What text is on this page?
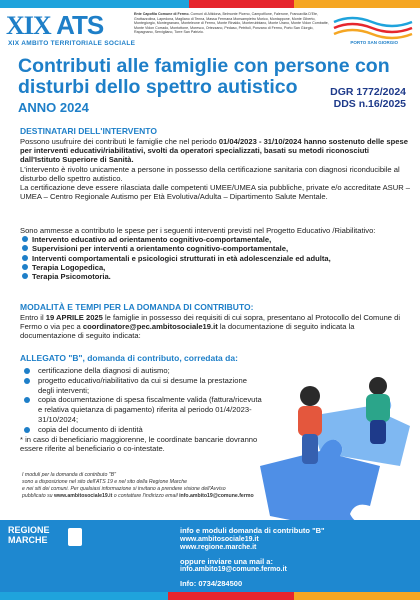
XIX ATS
XIX AMBITO TERRITORIALE SOCIALE
Ente Capofila Comune di Fermo. Comuni di Altidona, Belmonte Piceno, Campofilone, Falerone, Francavilla D'Ete, Grottazzolina, Lapedona, Magliano di Tenna, Massa Fermana Monsampietro Morico, Montappone, Monte Giberto, Montegiorgio, Montegranaro, Monteleone di Fermo, Monte Rinaldo, Monterubbiano, Monte Urano, Monte Vidon Combatte, Monte Vidon Corrado, Montottone, Moresco, Ortezzano, Pedaso, Petritoli, Ponzano di Fermo, Porto San Giorgio, Rapagnano, Servigliano, Torre San Patrizio.
PORTO SAN GIORGIO
Contributi alle famiglie con persone con
disturbi dello spettro autistico
ANNO 2024
DGR 1772/2024
DDS n.16/2025
DESTINATARI DELL'INTERVENTO

Possono usufruire dei contributi le famiglie che nel periodo 01/04/2023 - 31/10/2024 hanno sostenuto delle spese per interventi educativi/riabilitativi, svolti da operatori specializzati, basati su metodi riconosciuti dall'Istituto Superiore di Sanità.

L'intervento è rivolto unicamente a persone in possesso della certificazione sanitaria con diagnosi riconducibile al disturbo dello spettro autistico.

La certificazione deve essere rilasciata dalle competenti UMEE/UMEA sia pubbliche, private e/o accreditate ASUR – UMEA – Centro Regionale Autismo per Età Evolutiva/Adulta – Dipartimento Salute Mentale.

Sono ammesse a contributo le spese per i seguenti interventi previsti nel Progetto Educativo /Riabilitativo:

Intervento educativo ad orientamento cognitivo-comportamentale,
Supervisioni per interventi a orientamento cognitivo-comportamentale,
Interventi comportamentali e psicologici strutturati in età adolescenziale ed adulta,
Terapia Logopedica,
Terapia Psicomotoria.
MODALITÀ E TEMPI PER LA DOMANDA DI CONTRIBUTO:

Entro il 19 APRILE 2025 le famiglie in possesso dei requisiti di cui sopra, presentano al Protocollo del Comune di Fermo o via pec a coordinatore@pec.ambitosociale19.it la documentazione di seguito indicata la documentazione di seguito indicata:

ALLEGATO "B", domanda di contributo, corredata da:
certificazione della diagnosi di autismo;
progetto educativo/riabilitativo da cui si desume la prestazione degli interventi;
copia documentazione di spesa fiscalmente valida (fattura/ricevuta e relativa quietanza di pagamento) riferita al periodo 01/4/2023-31/10/2024;
copia del documento di identità
* in caso di beneficiario maggiorenne, le coordinate bancarie dovranno essere riferite al beneficiario o co-intestate.
I moduli per la domanda di contributo "B"
sono a disposizione nel sito dell'ATS 19 e nel sito della Regione Marche
e nei siti dei comuni. Per qualsiasi informazione si invitano a prendere visione dell'Avviso
pubblicato su www.ambitosociale19.it o contattare l'indirizzo email info.ambito19@comune.fermo
REGIONE
MARCHE
info e moduli domanda di contributo "B"
www.ambitosociale19.it
www.regione.marche.it
oppure inviare una mail a:
info.ambito19@comune.fermo.it
Info: 0734/284500
